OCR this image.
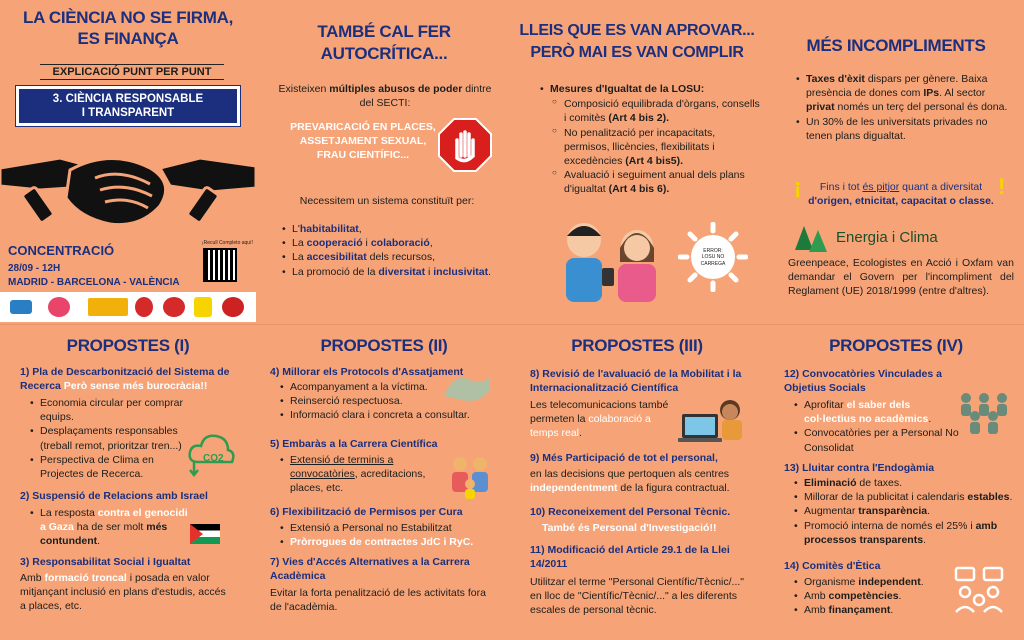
LA CIÈNCIA NO SE FIRMA,
ES FINANÇA
EXPLICACIÓ PUNT PER PUNT
3. CIÈNCIA RESPONSABLE
I TRANSPARENT
CONCENTRACIÓ
28/09 - 12H
MADRID - BARCELONA - VALÈNCIA
¡Recull Completo aquí!
TAMBÉ CAL FER
AUTOCRÍTICA...
Existeixen múltiples abusos de poder dintre del SECTI:
PREVARICACIÓ EN PLACES,
ASSETJAMENT SEXUAL,
FRAU CIENTÍFIC...
Necessitem un sistema constituït per:
• L'habitabilitat,
• La cooperació i colaboració,
• La accesibilitat dels recursos,
• La promoció de la diversitat i inclusivitat.
LLEIS QUE ES VAN APROVAR...
PERÒ MAI ES VAN COMPLIR
• Mesures d'Igualtat de la LOSU:
○ Composició equilibrada d'òrgans, consells i comitès (Art 4 bis 2).
○ No penalització per incapacitats, permisos, llicències, flexibilitats i excedències (Art 4 bis5).
○ Avaluació i seguiment anual dels plans d'igualtat (Art 4 bis 6).
ERROR:
LOSU NO
CARREGA
MÉS INCOMPLIMENTS
• Taxes d'èxit dispars per gènere. Baixa presència de dones com IPs. Al sector privat només un terç del personal és dona.
• Un 30% de les universitats privades no tenen plans digualtat.
¡	!
Fins i tot és pitjor quant a diversitat
d'origen, etnicitat, capacitat o classe.
Energia i Clima
Greenpeace, Ecologistes en Acció i Oxfam van demandar el Govern per l'incompliment del Reglament (UE) 2018/1999 (entre d'altres).
PROPOSTES (I)
1) Pla de Descarbonització del Sistema de Recerca Però sense més burocràcia!!
• Economia circular per comprar equips.
• Desplaçaments responsables (treball remot, prioritzar tren...)
• Perspectiva de Clima en Projectes de Recerca.
CO2
2) Suspensió de Relacions amb Israel
• La resposta contra el genocidi a Gaza ha de ser molt més contundent.
3) Responsabilitat Social i Igualtat
Amb formació troncal i posada en valor mitjançant inclusió en plans d'estudis, accés a places, etc.
PROPOSTES (II)
4) Millorar els Protocols d'Assatjament
• Acompanyament a la víctima.
• Reinserció respectuosa.
• Informació clara i concreta a consultar.
5) Embaràs a la Carrera Científica
• Extensió de terminis a convocatòries, acreditacions, places, etc.
6) Flexibilització de Permisos per Cura
• Extensió a Personal no Estabilitzat
• Pròrrogues de contractes JdC i RyC.
7) Vies d'Accés Alternatives a la Carrera Acadèmica
Evitar la forta penalització de les activitats fora de l'acadèmia.
PROPOSTES (III)
8) Revisió de l'avaluació de la Mobilitat i la Internacionalització Científica
Les telecomunicacions també permeten la colaboració a temps real.
9) Més Participació de tot el personal,
en las decisions que pertoquen als centres independentment de la figura contractual.
10) Reconeixement del Personal Tècnic.
També és Personal d'Investigació!!
11) Modificació del Article 29.1 de la Llei 14/2011
Utilitzar el terme "Personal Científic/Tècnic/..." en lloc de "Científic/Tècnic/..." a les diferents escales de personal tècnic.
PROPOSTES (IV)
12) Convocatòries Vinculades a Objetius Socials
• Aprofitar el saber dels col·lectius no acadèmics.
• Convocatòries per a Personal No Consolidat
13) Lluitar contra l'Endogàmia
• Eliminació de taxes.
• Millorar de la publicitat i calendaris estables.
• Augmentar transparència.
• Promoció interna de només el 25% i amb processos transparents.
14) Comitès d'Ètica
• Organisme independent.
• Amb competències.
• Amb finançament.
